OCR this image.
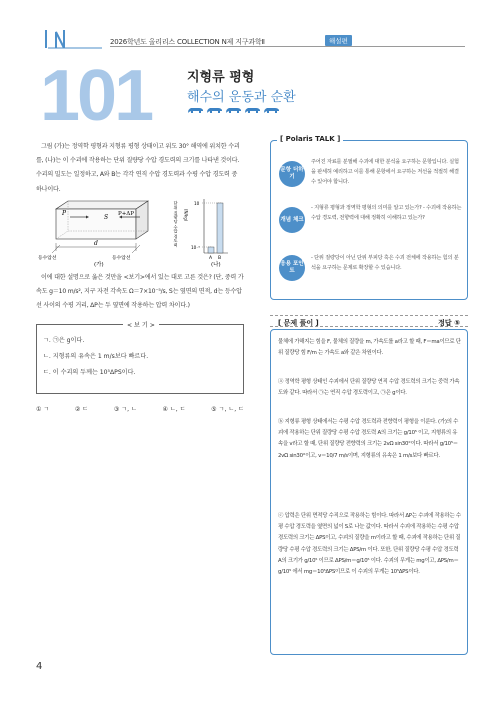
2026학년도 올리리스 COLLECTION N제 지구과학Ⅱ	해설편
101	지형류 평형
해수의 운동과 순환
그림 (가)는 정역학 평형과 지형류 평형 상태이고 위도 30° 해역에 위치한 수괴를, (나)는 이 수괴에 작용하는 단위 질량당 수압 경도력의 크기를 나타낸 것이다. 수괴의 밀도는 일정하고, A와 B는 각각 연직 수압 경도력과 수평 수압 경도력 중 하나이다.
P
S P+ΔP
d
등수압선	등수압선
(가)
단위 질량당 수압 경도력 (N/kg)
10
10⁻⁵
A B
(나)
이에 대한 설명으로 옳은 것만을 <보기>에서 있는 대로 고른 것은? (단, 중력 가속도 g＝10 m/s², 지구 자전 각속도 Ω＝7×10⁻⁵/s, S는 옆면의 면적, d는 등수압선 사이의 수평 거리, ΔP는 두 옆면에 작용하는 압력 차이다.)
< 보 기 >
ㄱ. ㉠은 g이다.
ㄴ. 지형류의 유속은 1 m/s보다 빠르다.
ㄷ. 이 수괴의 두께는 10⁵ΔPS이다.
① ㄱ	② ㄷ	③ ㄱ, ㄴ	④ ㄴ, ㄷ	⑤ ㄱ, ㄴ, ㄷ
[ Polaris TALK ]
문항 더하기
주어진 자료를 분필해 수괴에 대한 분석을 요구하는 문항입니다. 실험을 판세허 예리하고 이를 통해 문항에서 요구하는 저선을 적절히 해결 수 있어야 합니다.
개념 체크
- 지형류 평형과 정역학 평형의 의미를 알고 있는가? - 수괴에 작용하는 수압 경도력, 전향력에 대해 정확히 이해하고 있는가?
응용 포인트
- 단위 질량당이 아닌 단위 부피당 혹은 수괴 전체에 작용하는 힘의 분석을 요구하는 문제로 확장할 수 있습니다.
[ 문제 풀이 ]	정답 ⑤
물체에 가해지는 힘을 F, 물체의 질량을 m, 가속도를 a라고 할 때, F＝ma이므로 단위 질량당 힘 F/m 는 가속도 a와 같은 차원이다.
ⓐ 정역학 평형 상태인 수괴에서 단위 질량당 연직 수압 경도력의 크기는 중력 가속도와 같다. 따라서 ㉠는 연직 수압 경도력이고, ㉠은 g이다.
ⓑ 지형류 평형 상태에서는 수평 수압 경도력과 전향력이 평형을 이룬다. (가)의 수괴에 작용하는 단위 질량당 수평 수압 경도력 A의 크기는 g/10⁵ 이고, 지형류의 유속을 v라고 할 때, 단위 질량당 전향력의 크기는 2vΩ sin30°이다. 따라서 g/10⁵＝2vΩ sin30°이고, v＝10/7 m/s이며, 지형류의 유속은 1 m/s보다 빠르다.
ⓒ 압력은 단위 면적당 수직으로 작용하는 힘이다. 따라서 ΔP는 수괴에 작용하는 수평 수압 경도력을 옆면의 넓이 S로 나눈 값이다. 따라서 수괴에 작용하는 수평 수압 경도력의 크기는 ΔPS이고, 수괴의 질량을 m이라고 할 때, 수괴에 작용하는 단위 질량당 수평 수압 경도력의 크기는 ΔPS/m 이다. 또한, 단위 질량당 수평 수압 경도력 A의 크기가 g/10⁵ 이므로 ΔPS/m＝g/10⁵ 이다. 수괴의 무게는 mg이고, ΔPS/m＝g/10⁵ 에서 mg＝10⁵ΔPS이므로 이 수괴의 무게는 10⁵ΔPS이다.
4
